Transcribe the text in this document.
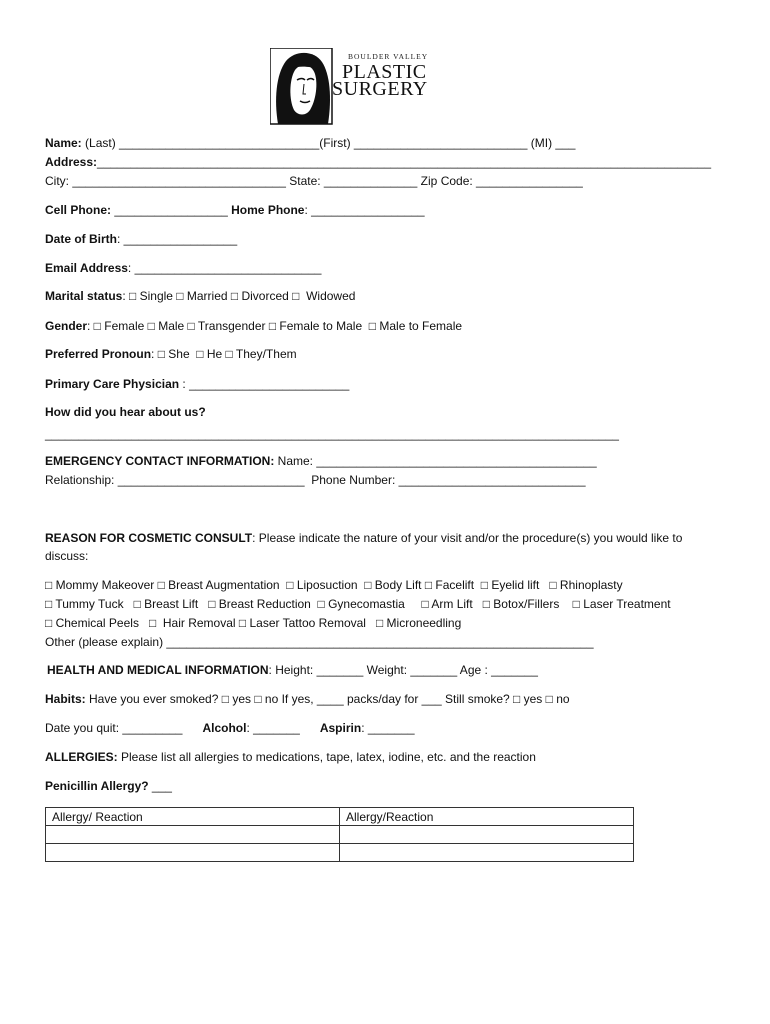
BOULDER VALLEY
PLASTIC
SURGERY
Name: (Last) ______________________________(First) __________________________ (MI) ___
Address:____________________________________________________________________________________________
City: ________________________________ State: ______________ Zip Code: ________________
Cell Phone: _________________ Home Phone: _________________
Date of Birth: _________________
Email Address: ____________________________
Marital status: □ Single □ Married □ Divorced □  Widowed
Gender: □ Female □ Male □ Transgender □ Female to Male  □ Male to Female
Preferred Pronoun: □ She  □ He □ They/Them
Primary Care Physician : ________________________
How did you hear about us?
______________________________________________________________________________________
EMERGENCY CONTACT INFORMATION: Name: __________________________________________
Relationship: ____________________________  Phone Number: ____________________________
REASON FOR COSMETIC CONSULT: Please indicate the nature of your visit and/or the procedure(s) you would like to
discuss:
□ Mommy Makeover □ Breast Augmentation  □ Liposuction  □ Body Lift □ Facelift  □ Eyelid lift   □ Rhinoplasty
□ Tummy Tuck   □ Breast Lift   □ Breast Reduction  □ Gynecomastia     □ Arm Lift   □ Botox/Fillers    □ Laser Treatment
□ Chemical Peels   □  Hair Removal □ Laser Tattoo Removal   □ Microneedling
Other (please explain) ________________________________________________________________
HEALTH AND MEDICAL INFORMATION: Height: _______ Weight: _______ Age : _______
Habits: Have you ever smoked? □ yes □ no If yes, ____ packs/day for ___ Still smoke? □ yes □ no
Date you quit: _________      Alcohol: _______      Aspirin: _______
ALLERGIES: Please list all allergies to medications, tape, latex, iodine, etc. and the reaction
Penicillin Allergy? ___
Allergy/ Reaction	Allergy/Reaction
